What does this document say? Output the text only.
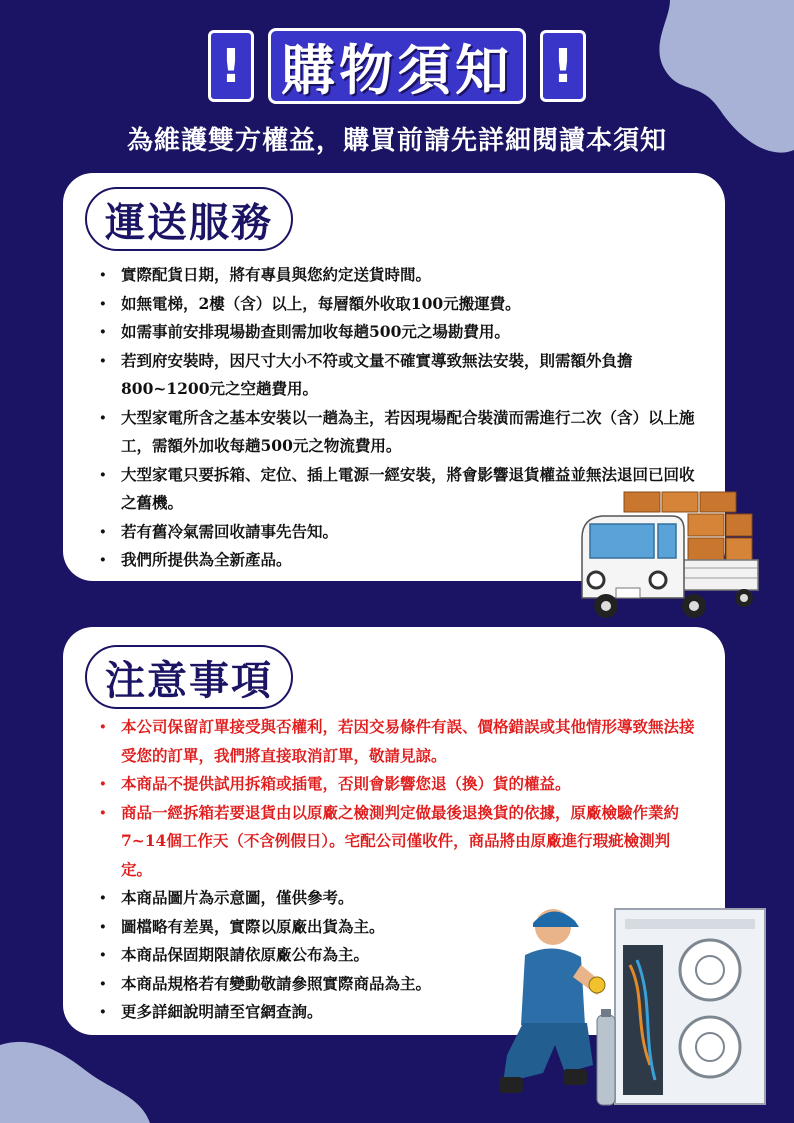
! 購物須知 !
為維護雙方權益，購買前請先詳細閱讀本須知
運送服務
· 實際配貨日期，將有專員與您約定送貨時間。
· 如無電梯，2樓（含）以上，每層額外收取100元搬運費。
· 如需事前安排現場勘查則需加收每趟500元之場勘費用。
· 若到府安裝時，因尺寸大小不符或文量不確實導致無法安裝，則需額外負擔800~1200元之空趟費用。
· 大型家電所含之基本安裝以一趟為主，若因現場配合裝潢而需進行二次（含）以上施工，需額外加收每趟500元之物流費用。
· 大型家電只要拆箱、定位、插上電源一經安裝，將會影響退貨權益並無法退回已回收之舊機。
· 若有舊冷氣需回收請事先告知。
· 我們所提供為全新產品。
注意事項
· 本公司保留訂單接受與否權利，若因交易條件有誤、價格錯誤或其他情形導致無法接受您的訂單，我們將直接取消訂單，敬請見諒。
· 本商品不提供試用拆箱或插電，否則會影響您退（換）貨的權益。
· 商品一經拆箱若要退貨由以原廠之檢測判定做最後退換貨的依據，原廠檢驗作業約7~14個工作天（不含例假日）。宅配公司僅收件，商品將由原廠進行瑕疵檢測判定。
· 本商品圖片為示意圖，僅供參考。
· 圖檔略有差異，實際以原廠出貨為主。
· 本商品保固期限請依原廠公布為主。
· 本商品規格若有變動敬請參照實際商品為主。
· 更多詳細說明請至官網查詢。
